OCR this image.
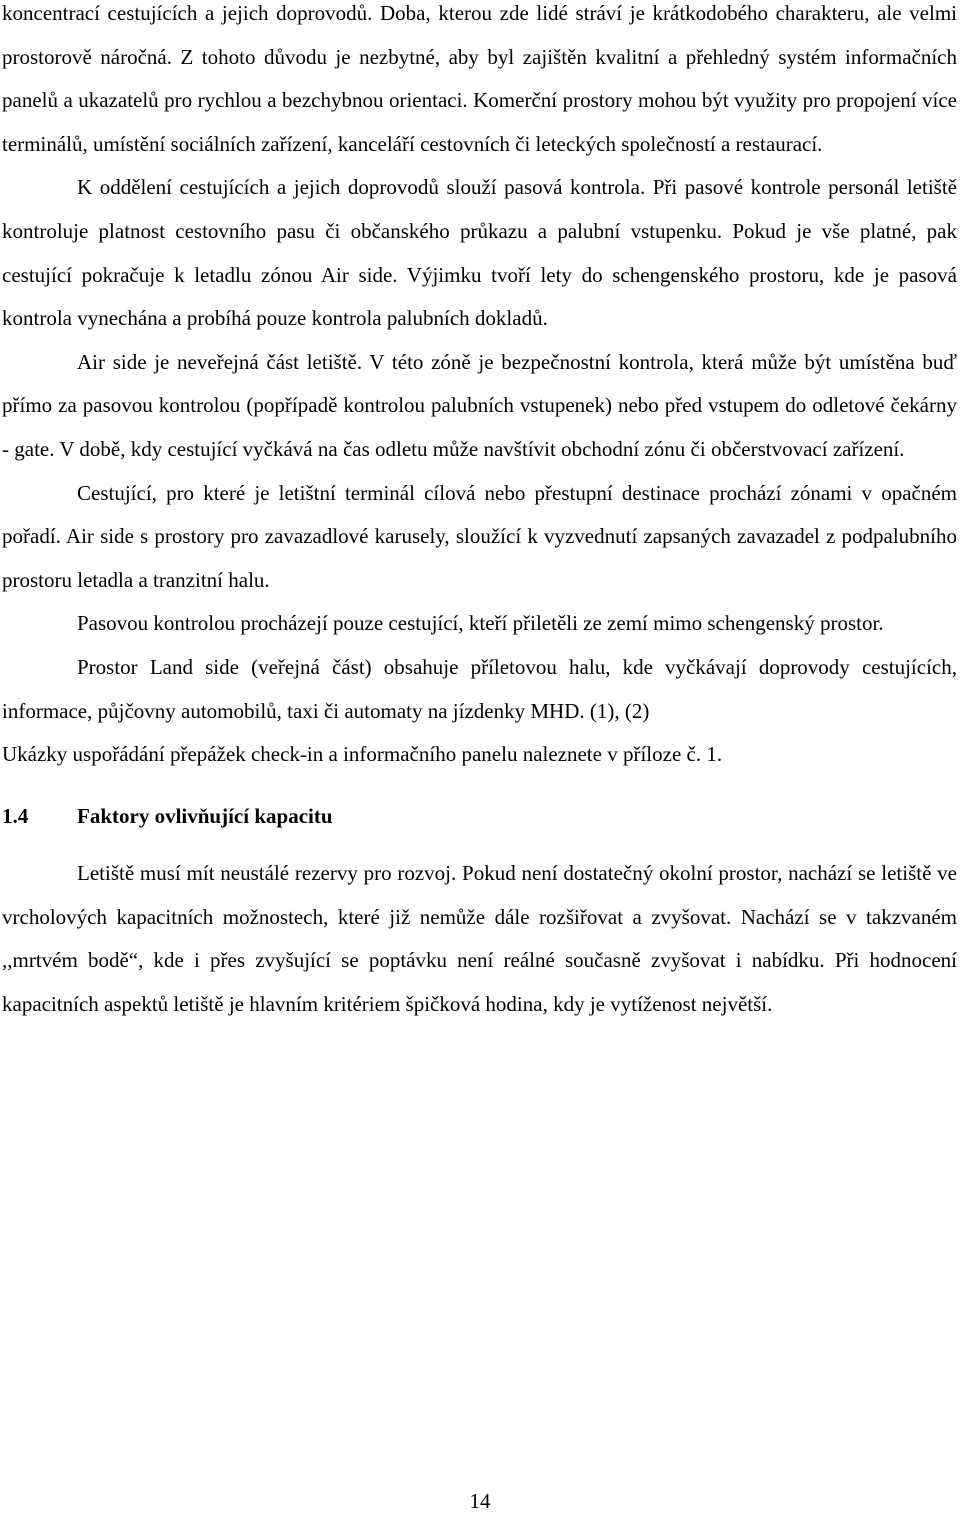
koncentrací cestujících a jejich doprovodů. Doba, kterou zde lidé stráví je krátkodobého charakteru, ale velmi prostorově náročná. Z tohoto důvodu je nezbytné, aby byl zajištěn kvalitní a přehledný systém informačních panelů a ukazatelů pro rychlou a bezchybnou orientaci. Komerční prostory mohou být využity pro propojení více terminálů, umístění sociálních zařízení, kanceláří cestovních či leteckých společností a restaurací.

K oddělení cestujících a jejich doprovodů slouží pasová kontrola. Při pasové kontrole personál letiště kontroluje platnost cestovního pasu či občanského průkazu a palubní vstupenku. Pokud je vše platné, pak cestující pokračuje k letadlu zónou Air side. Výjimku tvoří lety do schengenského prostoru, kde je pasová kontrola vynechána a probíhá pouze kontrola palubních dokladů.

Air side je neveřejná část letiště. V této zóně je bezpečnostní kontrola, která může být umístěna buď přímo za pasovou kontrolou (popřípadě kontrolou palubních vstupenek) nebo před vstupem do odletové čekárny - gate. V době, kdy cestující vyčkává na čas odletu může navštívit obchodní zónu či občerstvovací zařízení.

Cestující, pro které je letištní terminál cílová nebo přestupní destinace prochází zónami v opačném pořadí. Air side s prostory pro zavazadlové karusely, sloužící k vyzvednutí zapsaných zavazadel z podpalubního prostoru letadla a tranzitní halu.

Pasovou kontrolou procházejí pouze cestující, kteří přiletěli ze zemí mimo schengenský prostor.

Prostor Land side (veřejná část) obsahuje příletovou halu, kde vyčkávají doprovody cestujících, informace, půjčovny automobilů, taxi či automaty na jízdenky MHD. (1), (2)

Ukázky uspořádání přepážek check-in a informačního panelu naleznete v příloze č. 1.

1.4	Faktory ovlivňující kapacitu

Letiště musí mít neustálé rezervy pro rozvoj. Pokud není dostatečný okolní prostor, nachází se letiště ve vrcholových kapacitních možnostech, které již nemůže dále rozšiřovat a zvyšovat. Nachází se v takzvaném ,,mrtvém bodě“, kde i přes zvyšující se poptávku není reálné současně zvyšovat i nabídku. Při hodnocení kapacitních aspektů letiště je hlavním kritériem špičková hodina, kdy je vytíženost největší.

14
